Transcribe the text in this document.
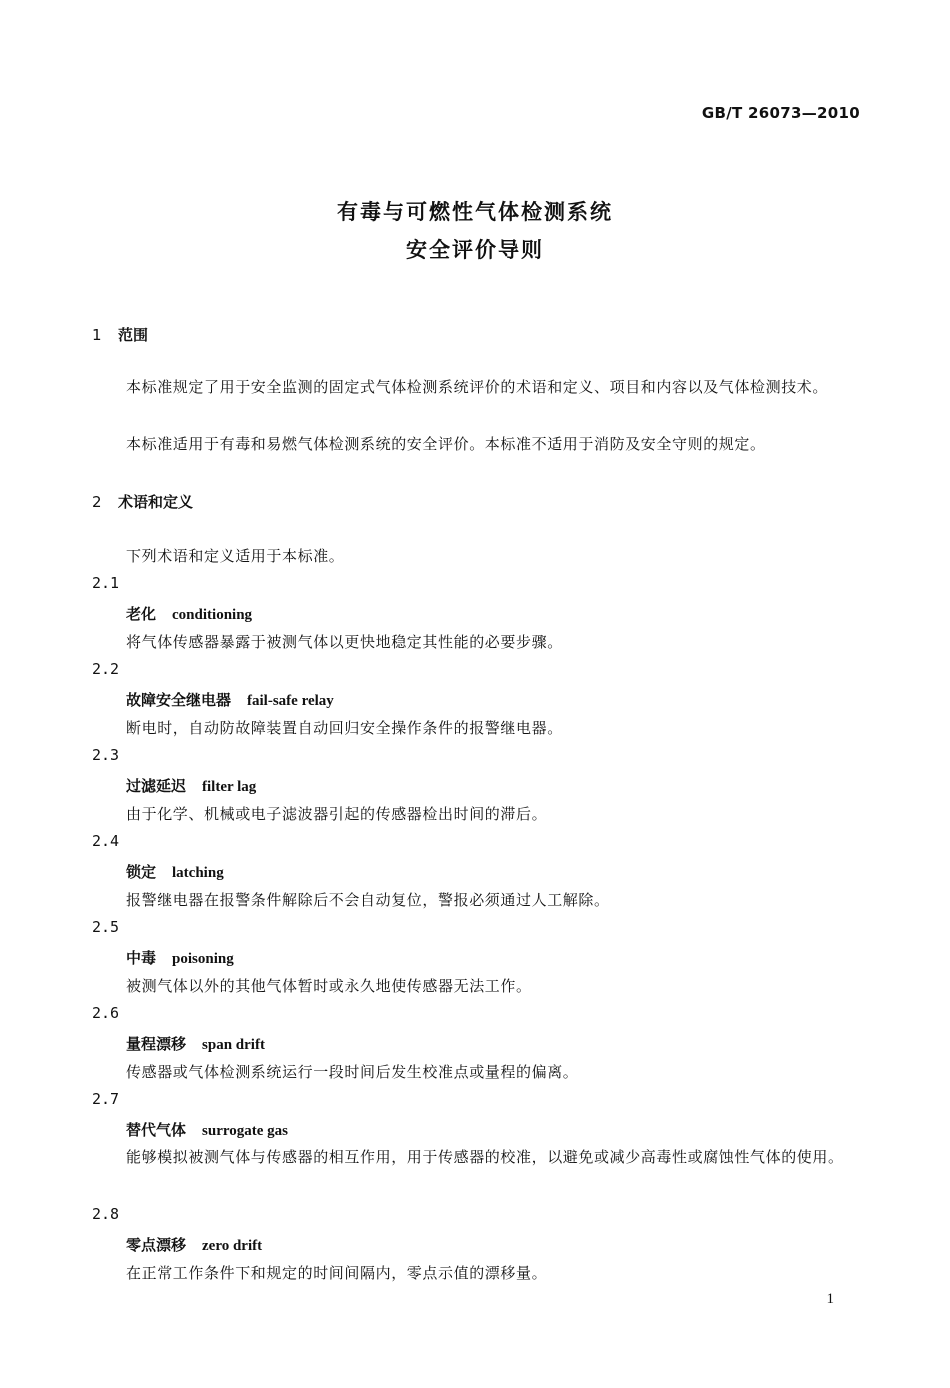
GB/T 26073—2010
有毒与可燃性气体检测系统
安全评价导则
1 范围
本标准规定了用于安全监测的固定式气体检测系统评价的术语和定义、项目和内容以及气体检测技术。
本标准适用于有毒和易燃气体检测系统的安全评价。本标准不适用于消防及安全守则的规定。
2 术语和定义
下列术语和定义适用于本标准。
2.1
老化 conditioning
将气体传感器暴露于被测气体以更快地稳定其性能的必要步骤。
2.2
故障安全继电器 fail-safe relay
断电时，自动防故障装置自动回归安全操作条件的报警继电器。
2.3
过滤延迟 filter lag
由于化学、机械或电子滤波器引起的传感器检出时间的滞后。
2.4
锁定 latching
报警继电器在报警条件解除后不会自动复位，警报必须通过人工解除。
2.5
中毒 poisoning
被测气体以外的其他气体暂时或永久地使传感器无法工作。
2.6
量程漂移 span drift
传感器或气体检测系统运行一段时间后发生校准点或量程的偏离。
2.7
替代气体 surrogate gas
能够模拟被测气体与传感器的相互作用，用于传感器的校准，以避免或减少高毒性或腐蚀性气体的使用。
2.8
零点漂移 zero drift
在正常工作条件下和规定的时间间隔内，零点示值的漂移量。
1
